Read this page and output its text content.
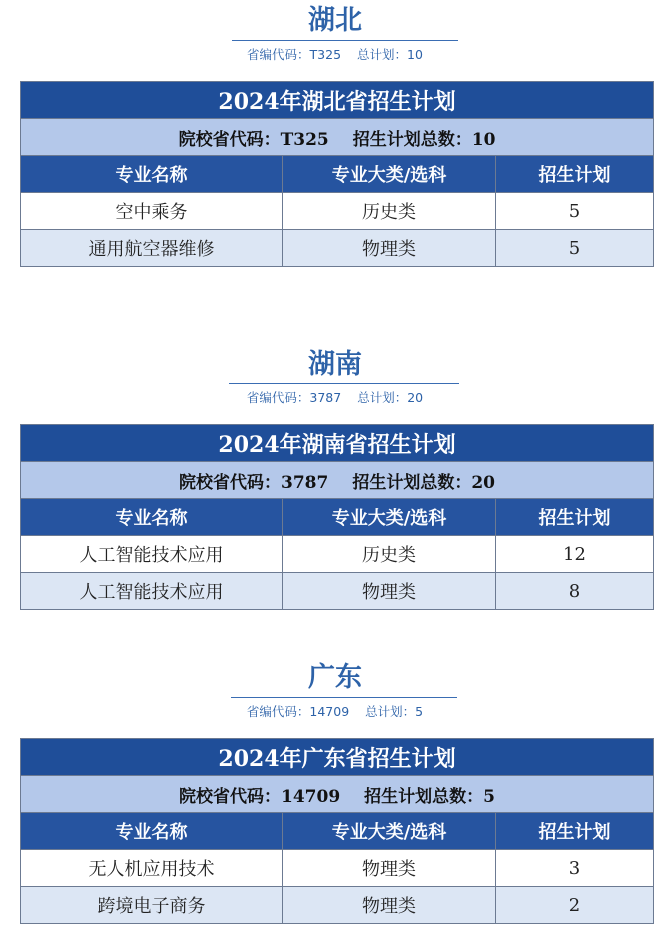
湖北
省编代码：T325 总计划：10
2024年湖北省招生计划		
院校省代码：T325 招生计划总数：10		
专业名称	专业大类/选科	招生计划
空中乘务	历史类	5
通用航空器维修	物理类	5
湖南
省编代码：3787 总计划：20
2024年湖南省招生计划		
院校省代码：3787 招生计划总数：20		
专业名称	专业大类/选科	招生计划
人工智能技术应用	历史类	12
人工智能技术应用	物理类	8
广东
省编代码：14709 总计划：5
2024年广东省招生计划		
院校省代码：14709 招生计划总数：5		
专业名称	专业大类/选科	招生计划
无人机应用技术	物理类	3
跨境电子商务	物理类	2
